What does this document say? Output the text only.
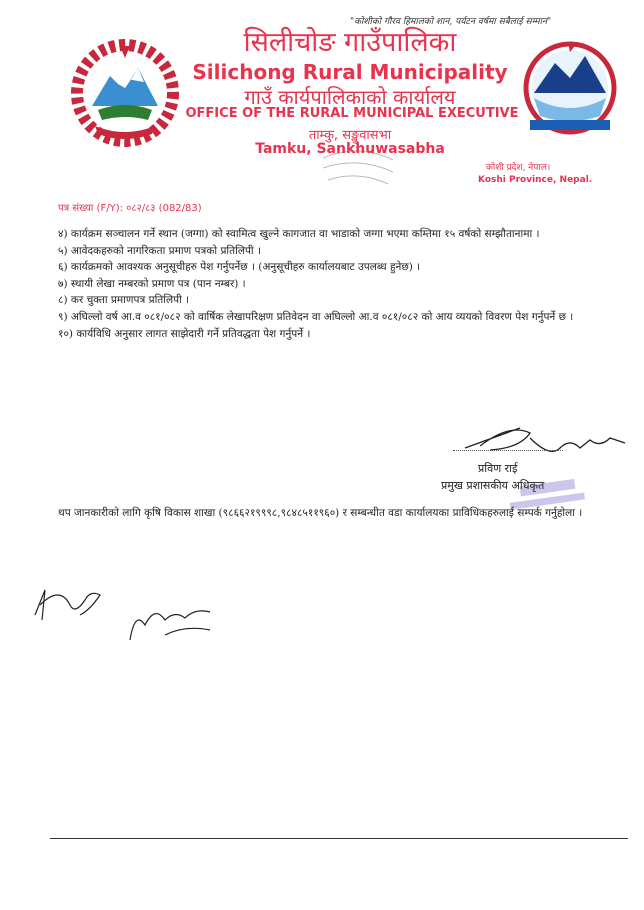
"कोशीको गौरव हिमालको शान, पर्यटन वर्षमा सबैलाई सम्मान"
सिलीचोङ गाउँपालिका
Silichong Rural Municipality
गाउँ कार्यपालिकाको कार्यालय
OFFICE OF THE RURAL MUNICIPAL EXECUTIVE
ताम्कु, सङ्खुवासभा
Tamku, Sankhuwasabha
कोशी प्रदेश, नेपाल।
Koshi Province, Nepal.
पत्र संख्या (F/Y): ०८२/८३ (082/83)
४) कार्यक्रम सञ्चालन गर्ने स्थान (जग्गा) को स्वामित्व खुल्ने कागजात वा भाडाको जग्गा भएमा कम्तिमा १५ वर्षको सम्झौतानामा ।
५) आवेदकहरुको नागरिकता प्रमाण पत्रको प्रतिलिपी ।
६) कार्यक्रमको आवश्यक अनुसूचीहरु पेश गर्नुपर्नेछ । (अनुसूचीहरु कार्यालयबाट उपलब्ध हुनेछ) ।
७) स्थायी लेखा नम्बरको प्रमाण पत्र (पान नम्बर) ।
८) कर चुक्ता प्रमाणपत्र प्रतिलिपी ।
९) अघिल्लो वर्ष आ.व ०८१/०८२ को वार्षिक लेखापरिक्षण प्रतिवेदन वा अघिल्लो आ.व ०८१/०८२ को आय व्ययको विवरण पेश गर्नुपर्ने छ ।
१०) कार्यविधि अनुसार लागत साझेदारी गर्ने प्रतिवद्धता पेश गर्नुपर्ने ।
प्रविण राई
प्रमुख प्रशासकीय अधिकृत
थप जानकारीको लागि कृषि विकास शाखा (९८६६२१९९९८,९८४८५११९६०) र सम्बन्धीत वडा कार्यालयका प्राविधिकहरुलाई सम्पर्क गर्नुहोला ।
